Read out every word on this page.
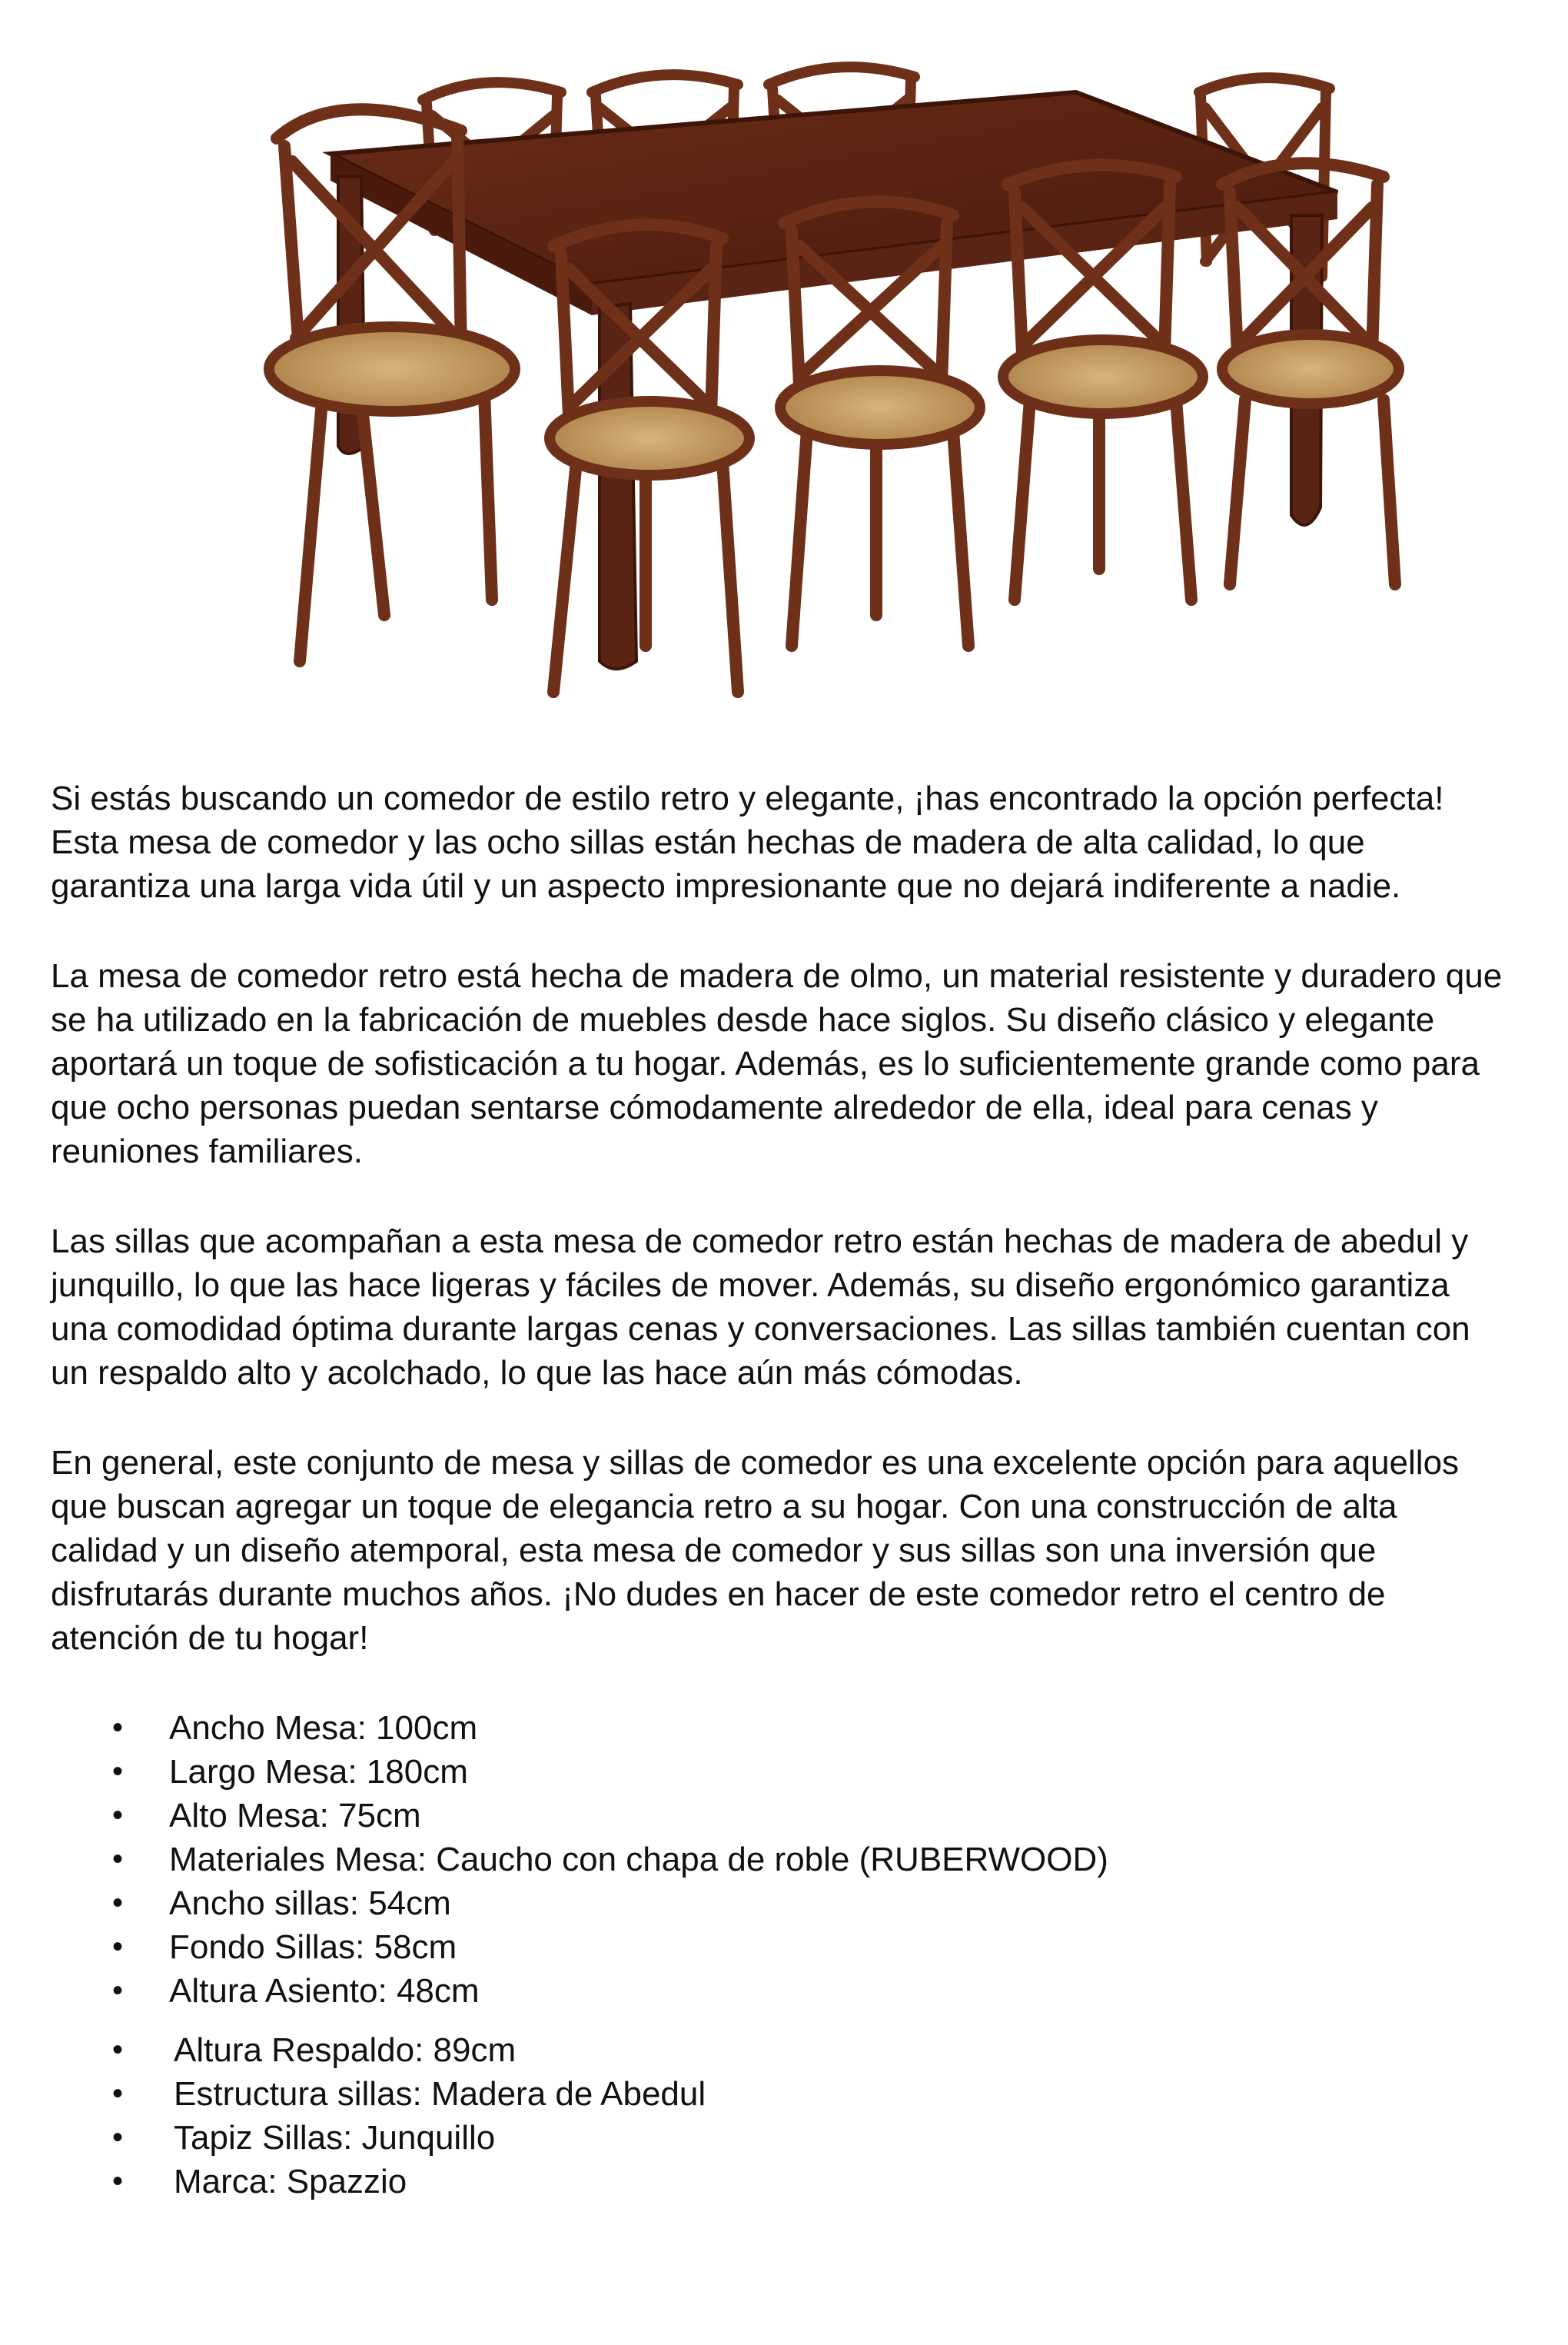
Si estás buscando un comedor de estilo retro y elegante, ¡has encontrado la opción perfecta! Esta mesa de comedor y las ocho sillas están hechas de madera de alta calidad, lo que garantiza una larga vida útil y un aspecto impresionante que no dejará indiferente a nadie.

La mesa de comedor retro está hecha de madera de olmo, un material resistente y duradero que se ha utilizado en la fabricación de muebles desde hace siglos. Su diseño clásico y elegante aportará un toque de sofisticación a tu hogar. Además, es lo suficientemente grande como para que ocho personas puedan sentarse cómodamente alrededor de ella, ideal para cenas y reuniones familiares.

Las sillas que acompañan a esta mesa de comedor retro están hechas de madera de abedul y junquillo, lo que las hace ligeras y fáciles de mover. Además, su diseño ergonómico garantiza una comodidad óptima durante largas cenas y conversaciones. Las sillas también cuentan con un respaldo alto y acolchado, lo que las hace aún más cómodas.

En general, este conjunto de mesa y sillas de comedor es una excelente opción para aquellos que buscan agregar un toque de elegancia retro a su hogar. Con una construcción de alta calidad y un diseño atemporal, esta mesa de comedor y sus sillas son una inversión que disfrutarás durante muchos años. ¡No dudes en hacer de este comedor retro el centro de atención de tu hogar!

• Ancho Mesa: 100cm
• Largo Mesa: 180cm
• Alto Mesa: 75cm
• Materiales Mesa: Caucho con chapa de roble (RUBERWOOD)
• Ancho sillas: 54cm
• Fondo Sillas: 58cm
• Altura Asiento: 48cm
• Altura Respaldo: 89cm
• Estructura sillas: Madera de Abedul
• Tapiz Sillas: Junquillo
• Marca: Spazzio
